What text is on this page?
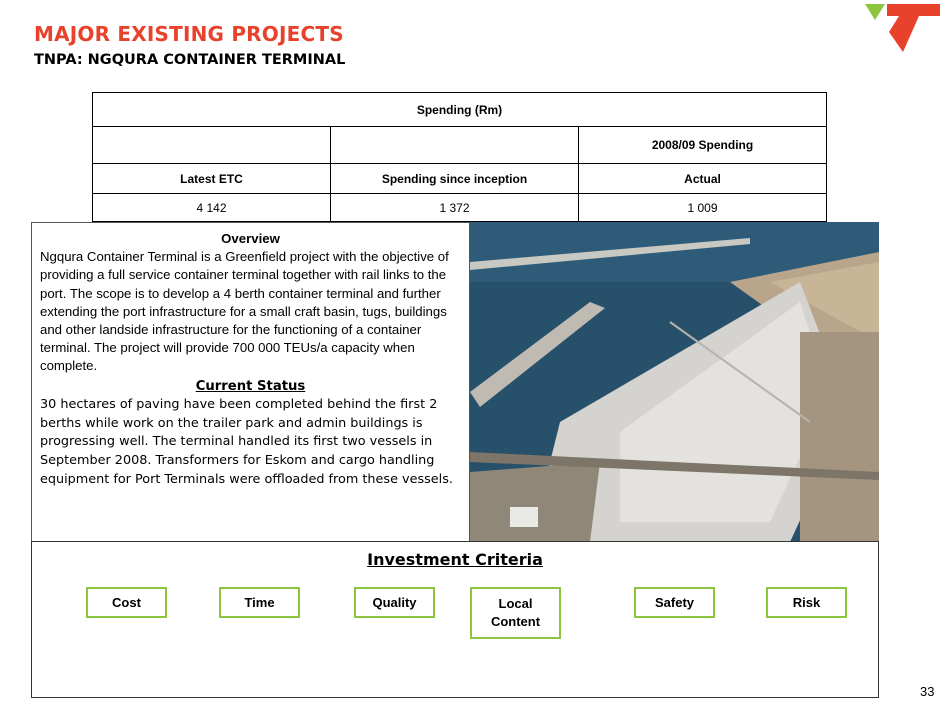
MAJOR EXISTING PROJECTS
TNPA: NGQURA CONTAINER TERMINAL
Spending (Rm)		
		2008/09 Spending
Latest ETC	Spending since inception	Actual
4 142	1 372	1 009
Overview
Ngqura Container Terminal is a Greenfield project with the objective of providing a full service container terminal together with rail links to the port. The scope is to develop a 4 berth container terminal and further extending the port infrastructure for a small craft basin, tugs, buildings and other landside infrastructure for the functioning of a container terminal. The project will provide 700 000 TEUs/a capacity when complete.
Current Status
30 hectares of paving have been completed behind the first 2 berths while work on the trailer park and admin buildings is progressing well. The terminal handled its first two vessels in September 2008. Transformers for Eskom and cargo handling equipment for Port Terminals were offloaded from these vessels.
Investment Criteria
Cost	Time	Quality	Local Content
Safety	Risk
33
